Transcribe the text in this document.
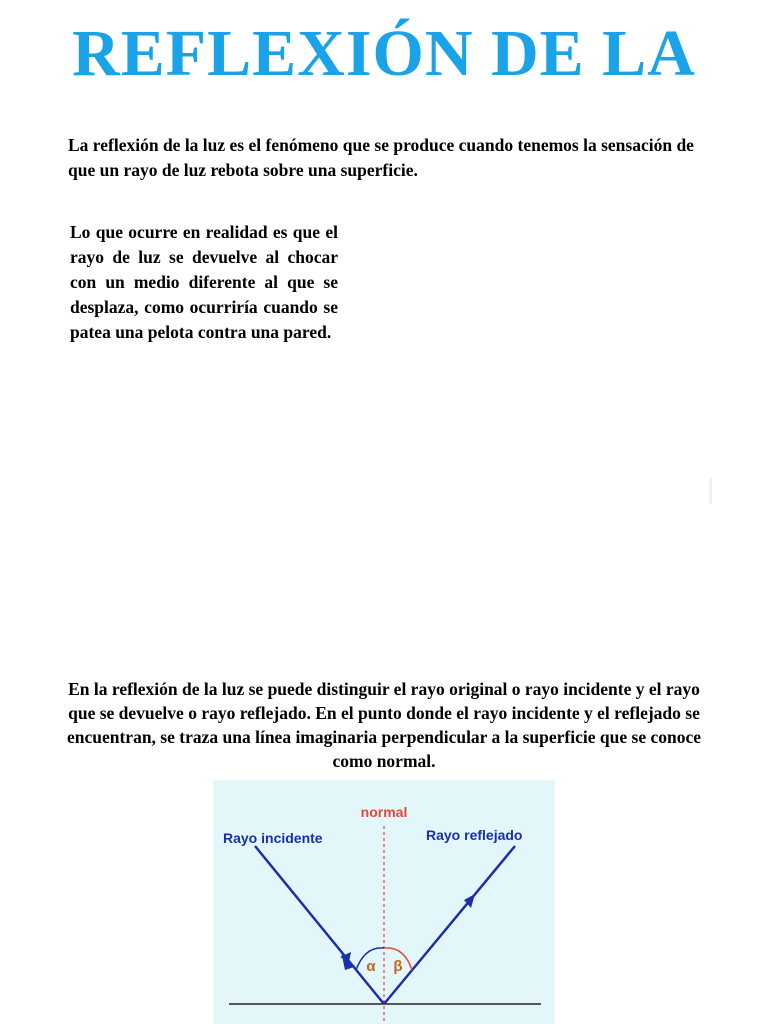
REFLEXIÓN DE LA

La reflexión de la luz es el fenómeno que se produce cuando tenemos la sensación de que un rayo de luz rebota sobre una superficie.

Lo que ocurre en realidad es que el rayo de luz se devuelve al chocar con un medio diferente al que se desplaza, como ocurriría cuando se patea una pelota contra una pared.

En la reflexión de la luz se puede distinguir el rayo original o rayo incidente y el rayo que se devuelve o rayo reflejado. En el punto donde el rayo incidente y el reflejado se encuentran, se traza una línea imaginaria perpendicular a la superficie que se conoce como normal.

normal
Rayo incidente	Rayo reflejado
α β
